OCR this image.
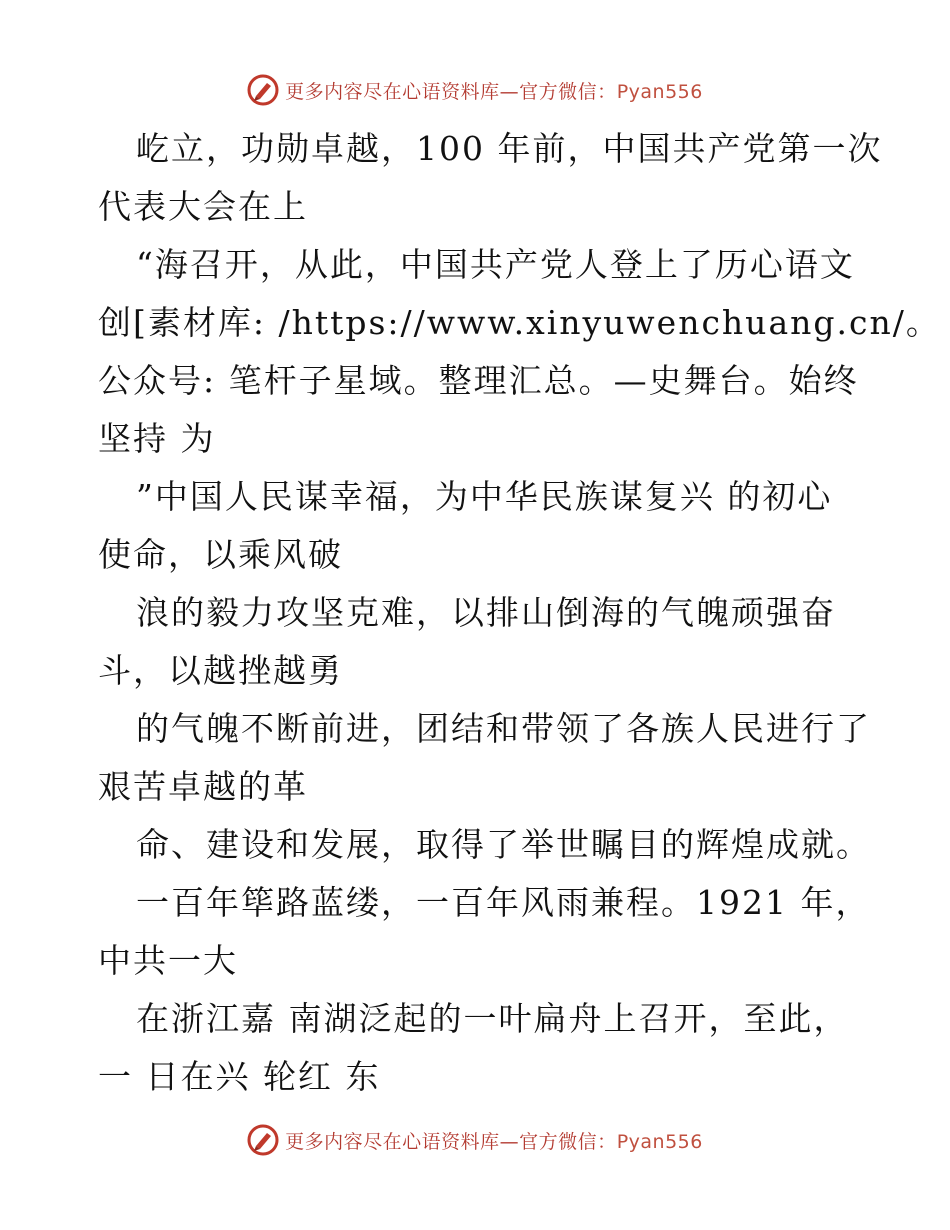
更多内容尽在心语资料库—官方微信：Pyan556
屹立，功勋卓越，100 年前，中国共产党第一次
代表大会在上
“海召开，从此，中国共产党人登上了历心语文
创[素材库: /https://www.xinyuwenchuang.cn/。
公众号: 笔杆子星域。整理汇总。—史舞台。始终
坚持 为
”中国人民谋幸福，为中华民族谋复兴 的初心
使命，以乘风破
浪的毅力攻坚克难，以排山倒海的气魄顽强奋
斗，以越挫越勇
的气魄不断前进，团结和带领了各族人民进行了
艰苦卓越的革
命、建设和发展，取得了举世瞩目的辉煌成就。
一百年筚路蓝缕，一百年风雨兼程。1921 年，
中共一大
在浙江嘉 南湖泛起的一叶扁舟上召开，至此，
一 日在兴 轮红 东
更多内容尽在心语资料库—官方微信：Pyan556
